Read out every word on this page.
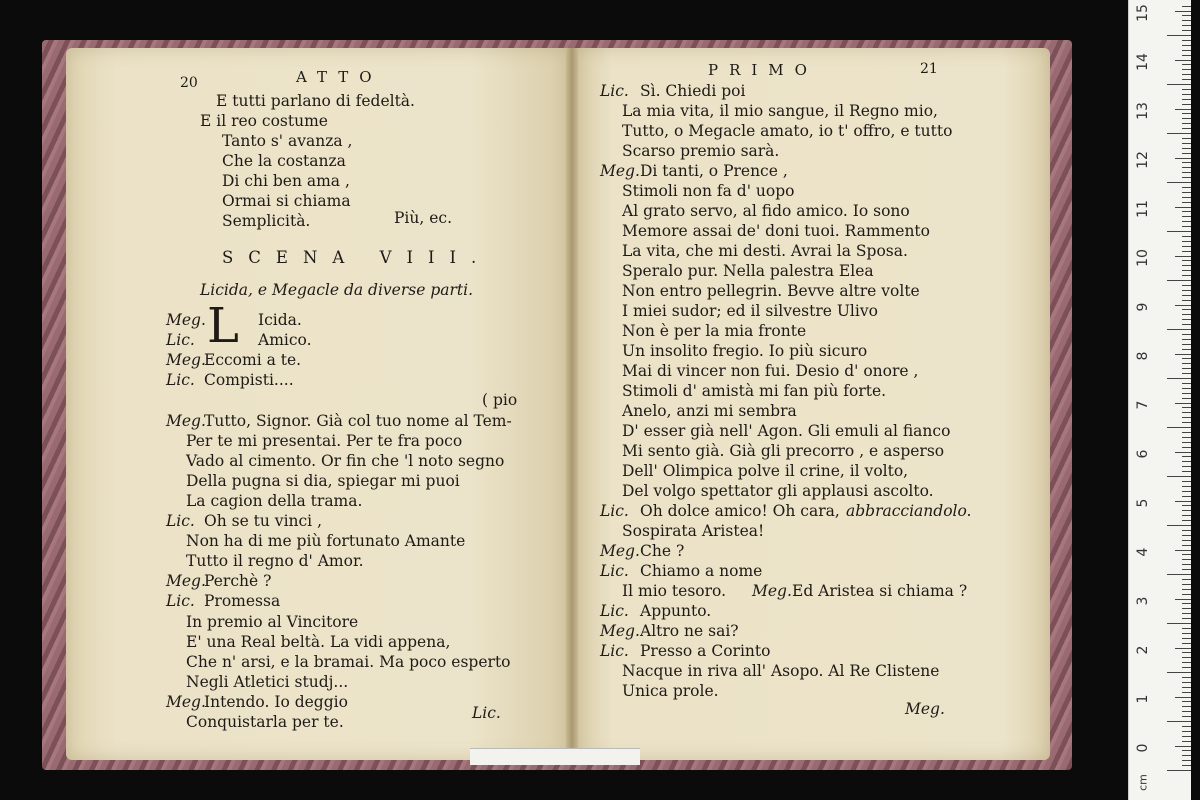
20	ATTO
E tutti parlano di fedeltà.
E il reo costume
Tanto s' avanza ,
Che la costanza
Di chi ben ama ,
Ormai si chiama
Semplicità.	Più, ec.
SCENA VIII.
Licida, e Megacle da diverse parti.
L
Meg.	Icida.
Lic.	Amico.
Meg.
Eccomi a te.
Lic. Compisti....
( pio
Meg.
Tutto, Signor. Già col tuo nome al Tem-
Per te mi presentai. Per te fra poco
Vado al cimento. Or fin che 'l noto segno
Della pugna si dia, spiegar mi puoi
La cagion della trama.
Lic. Oh se tu vinci ,
Non ha di me più fortunato Amante
Tutto il regno d' Amor.
Meg.
Perchè ?
Lic. Promessa
In premio al Vincitore
E' una Real beltà. La vidi appena,
Che n' arsi, e la bramai. Ma poco esperto
Negli Atletici studj...
Meg.
Intendo. Io deggio
Conquistarla per te.	Lic.
PRIMO	21
Lic. Sì. Chiedi poi
La mia vita, il mio sangue, il Regno mio,
Tutto, o Megacle amato, io t' offro, e tutto
Scarso premio sarà.
Meg. Di tanti, o Prence ,
Stimoli non fa d' uopo
Al grato servo, al fido amico. Io sono
Memore assai de' doni tuoi. Rammento
La vita, che mi desti. Avrai la Sposa.
Speralo pur. Nella palestra Elea
Non entro pellegrin. Bevve altre volte
I miei sudor; ed il silvestre Ulivo
Non è per la mia fronte
Un insolito fregio. Io più sicuro
Mai di vincer non fui. Desio d' onore ,
Stimoli d' amistà mi fan più forte.
Anelo, anzi mi sembra
D' esser già nell' Agon. Gli emuli al fianco
Mi sento già. Già gli precorro , e asperso
Dell' Olimpica polve il crine, il volto,
Del volgo spettator gli applausi ascolto.
Lic. Oh dolce amico! Oh cara, abbracciandolo.
Sospirata Aristea!
Meg. Che ?
Lic. Chiamo a nome
Il mio tesoro. Meg. Ed Aristea si chiama ?
Lic. Appunto.
Meg. Altro ne sai?
Lic. Presso a Corinto
Nacque in riva all' Asopo. Al Re Clistene
Unica prole.
Meg.
0
1
2
3
4
5
6
7
8
9
10
11
12
13
14
15
cm
